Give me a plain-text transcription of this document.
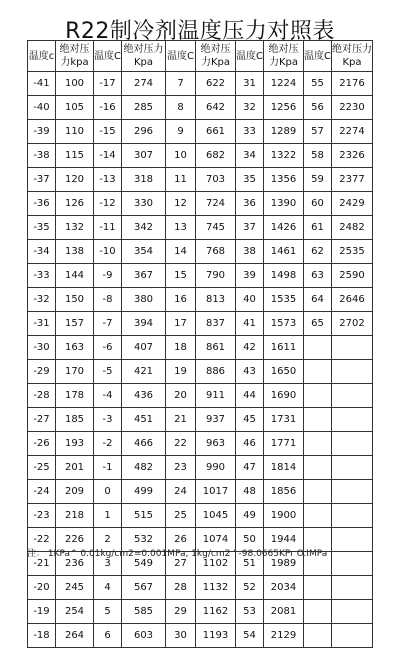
R22制冷剂温度压力对照表
温度c	绝对压力kpa	温度C	绝对压力Kpa	温度C	绝对压力Kpa	温度C	绝对压力Kpa	温度C	绝对压力Kpa
-41	100	-17	274	7	622	31	1224	55	2176
-40	105	-16	285	8	642	32	1256	56	2230
-39	110	-15	296	9	661	33	1289	57	2274
-38	115	-14	307	10	682	34	1322	58	2326
-37	120	-13	318	11	703	35	1356	59	2377
-36	126	-12	330	12	724	36	1390	60	2429
-35	132	-11	342	13	745	37	1426	61	2482
-34	138	-10	354	14	768	38	1461	62	2535
-33	144	-9	367	15	790	39	1498	63	2590
-32	150	-8	380	16	813	40	1535	64	2646
-31	157	-7	394	17	837	41	1573	65	2702
-30	163	-6	407	18	861	42	1611		
-29	170	-5	421	19	886	43	1650		
-28	178	-4	436	20	911	44	1690		
-27	185	-3	451	21	937	45	1731		
-26	193	-2	466	22	963	46	1771		
-25	201	-1	482	23	990	47	1814		
-24	209	0	499	24	1017	48	1856		
-23	218	1	515	25	1045	49	1900		
-22	226	2	532	26	1074	50	1944		
-21	236	3	549	27	1102	51	1989		
-20	245	4	567	28	1132	52	2034		
-19	254	5	585	29	1162	53	2081		
-18	264	6	603	30	1193	54	2129		
注： 1KPa^ 0.01kg/cm2=0.001MPa, 1kg/cm2 ' -98.0665KPr O.IMPa
